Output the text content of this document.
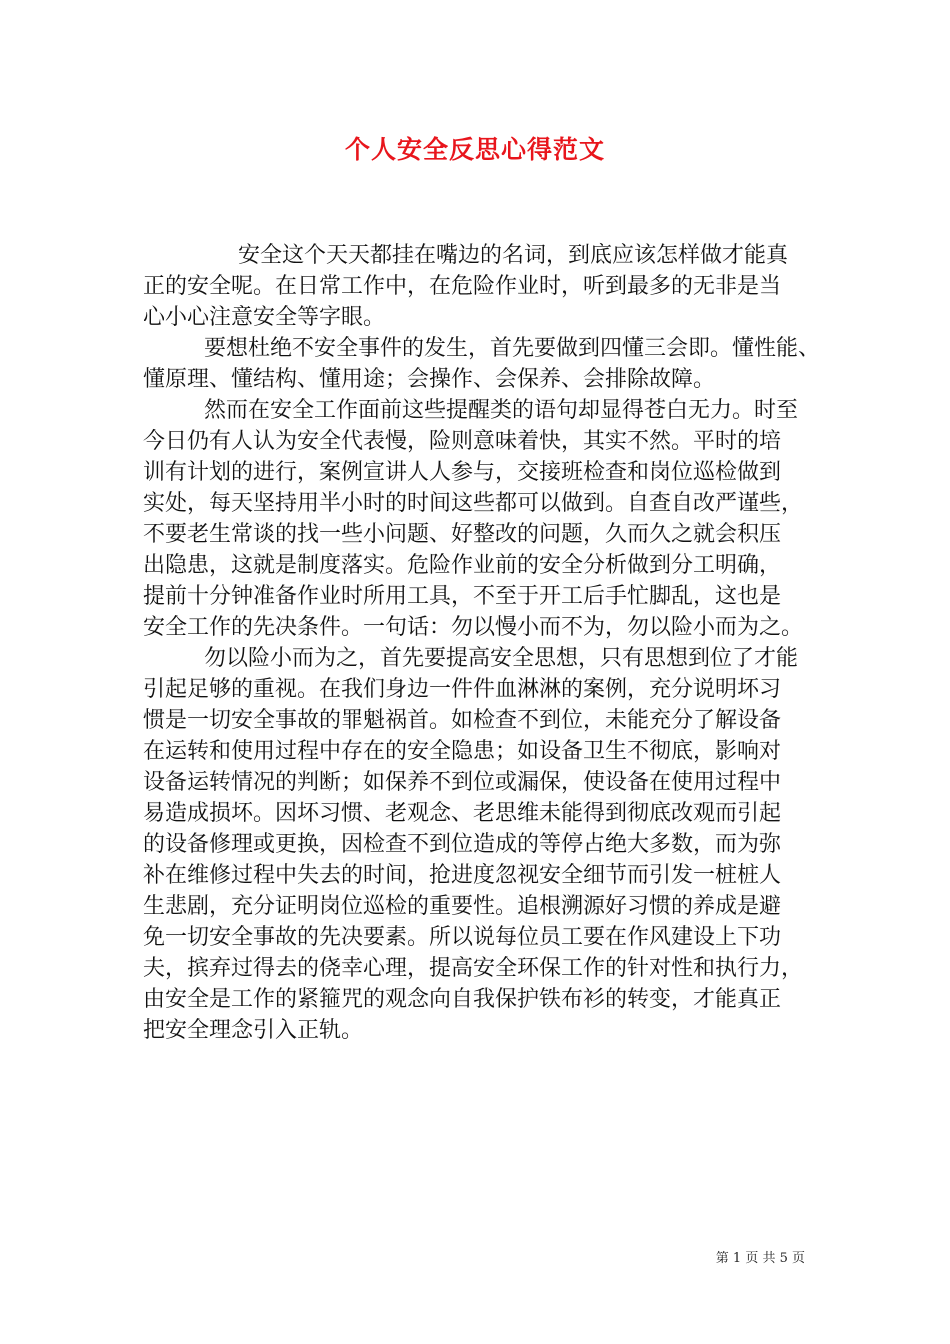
个人安全反思心得范文
安全这个天天都挂在嘴边的名词，到底应该怎样做才能真
正的安全呢。在日常工作中，在危险作业时，听到最多的无非是当
心小心注意安全等字眼。
要想杜绝不安全事件的发生，首先要做到四懂三会即。懂性能、
懂原理、懂结构、懂用途；会操作、会保养、会排除故障。
然而在安全工作面前这些提醒类的语句却显得苍白无力。时至
今日仍有人认为安全代表慢，险则意味着快，其实不然。平时的培
训有计划的进行，案例宣讲人人参与，交接班检查和岗位巡检做到
实处，每天坚持用半小时的时间这些都可以做到。自查自改严谨些，
不要老生常谈的找一些小问题、好整改的问题，久而久之就会积压
出隐患，这就是制度落实。危险作业前的安全分析做到分工明确，
提前十分钟准备作业时所用工具，不至于开工后手忙脚乱，这也是
安全工作的先决条件。一句话：勿以慢小而不为，勿以险小而为之。
勿以险小而为之，首先要提高安全思想，只有思想到位了才能
引起足够的重视。在我们身边一件件血淋淋的案例，充分说明坏习
惯是一切安全事故的罪魁祸首。如检查不到位，未能充分了解设备
在运转和使用过程中存在的安全隐患；如设备卫生不彻底，影响对
设备运转情况的判断；如保养不到位或漏保，使设备在使用过程中
易造成损坏。因坏习惯、老观念、老思维未能得到彻底改观而引起
的设备修理或更换，因检查不到位造成的等停占绝大多数，而为弥
补在维修过程中失去的时间，抢进度忽视安全细节而引发一桩桩人
生悲剧，充分证明岗位巡检的重要性。追根溯源好习惯的养成是避
免一切安全事故的先决要素。所以说每位员工要在作风建设上下功
夫，摈弃过得去的侥幸心理，提高安全环保工作的针对性和执行力，
由安全是工作的紧箍咒的观念向自我保护铁布衫的转变，才能真正
把安全理念引入正轨。
第 1 页 共 5 页
